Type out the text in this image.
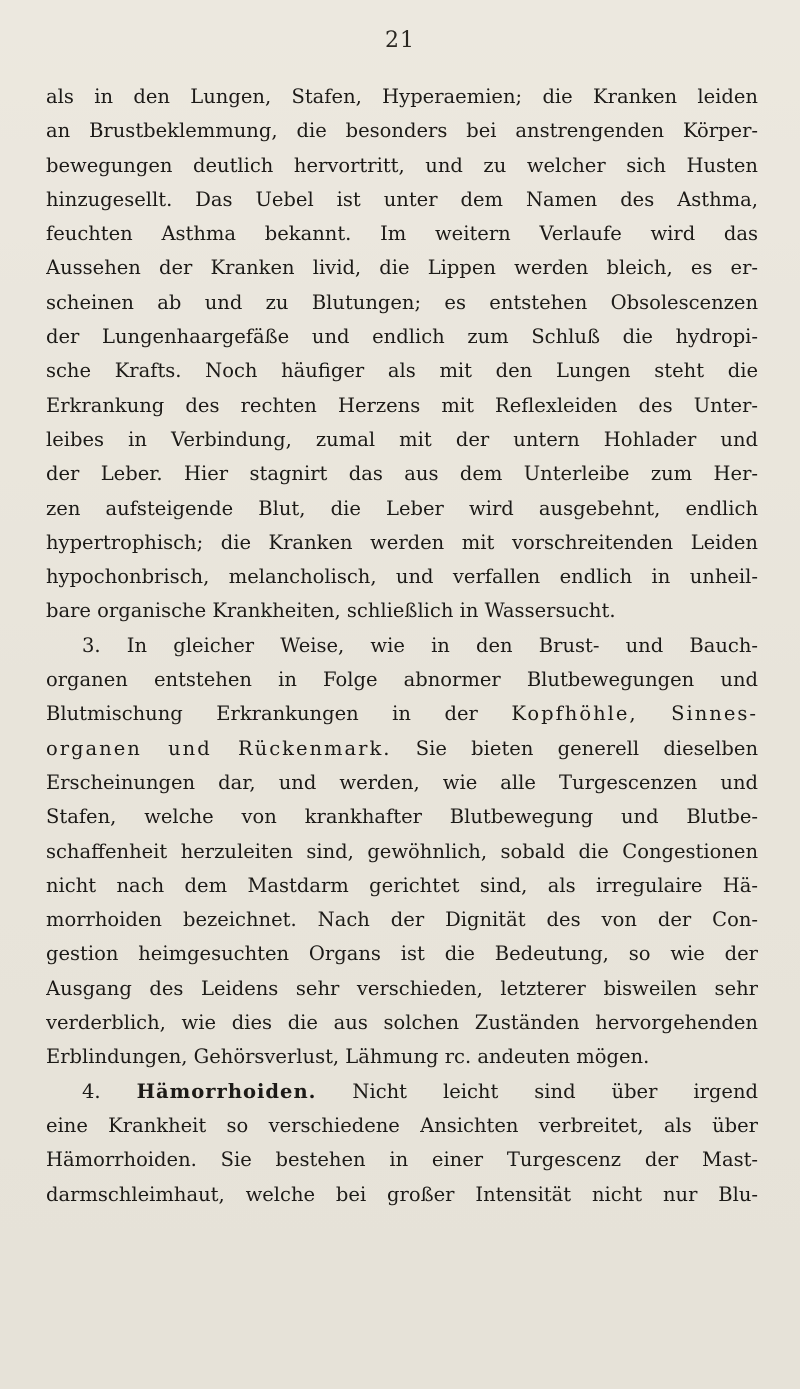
21
als in den Lungen, Stafen, Hyperaemien; die Kranken leiden
an Brustbeklemmung, die besonders bei anstrengenden Körper-
bewegungen deutlich hervortritt, und zu welcher sich Husten
hinzugesellt. Das Uebel ist unter dem Namen des Asthma,
feuchten Asthma bekannt. Im weitern Verlaufe wird das
Aussehen der Kranken livid, die Lippen werden bleich, es er-
scheinen ab und zu Blutungen; es entstehen Obsolescenzen
der Lungenhaargefäße und endlich zum Schluß die hydropi-
sche Krafts. Noch häufiger als mit den Lungen steht die
Erkrankung des rechten Herzens mit Reflexleiden des Unter-
leibes in Verbindung, zumal mit der untern Hohlader und
der Leber. Hier stagnirt das aus dem Unterleibe zum Her-
zen aufsteigende Blut, die Leber wird ausgebehnt, endlich
hypertrophisch; die Kranken werden mit vorschreitenden Leiden
hypochonbrisch, melancholisch, und verfallen endlich in unheil-
bare organische Krankheiten, schließlich in Wassersucht.
3. In gleicher Weise, wie in den Brust- und Bauch-
organen entstehen in Folge abnormer Blutbewegungen und
Blutmischung Erkrankungen in der Kopfhöhle, Sinnes-
organen und Rückenmark. Sie bieten generell dieselben
Erscheinungen dar, und werden, wie alle Turgescenzen und
Stafen, welche von krankhafter Blutbewegung und Blutbe-
schaffenheit herzuleiten sind, gewöhnlich, sobald die Congestionen
nicht nach dem Mastdarm gerichtet sind, als irregulaire Hä-
morrhoiden bezeichnet. Nach der Dignität des von der Con-
gestion heimgesuchten Organs ist die Bedeutung, so wie der
Ausgang des Leidens sehr verschieden, letzterer bisweilen sehr
verderblich, wie dies die aus solchen Zuständen hervorgehenden
Erblindungen, Gehörsverlust, Lähmung rc. andeuten mögen.
4. Hämorrhoiden. Nicht leicht sind über irgend
eine Krankheit so verschiedene Ansichten verbreitet, als über
Hämorrhoiden. Sie bestehen in einer Turgescenz der Mast-
darmschleimhaut, welche bei großer Intensität nicht nur Blu-
